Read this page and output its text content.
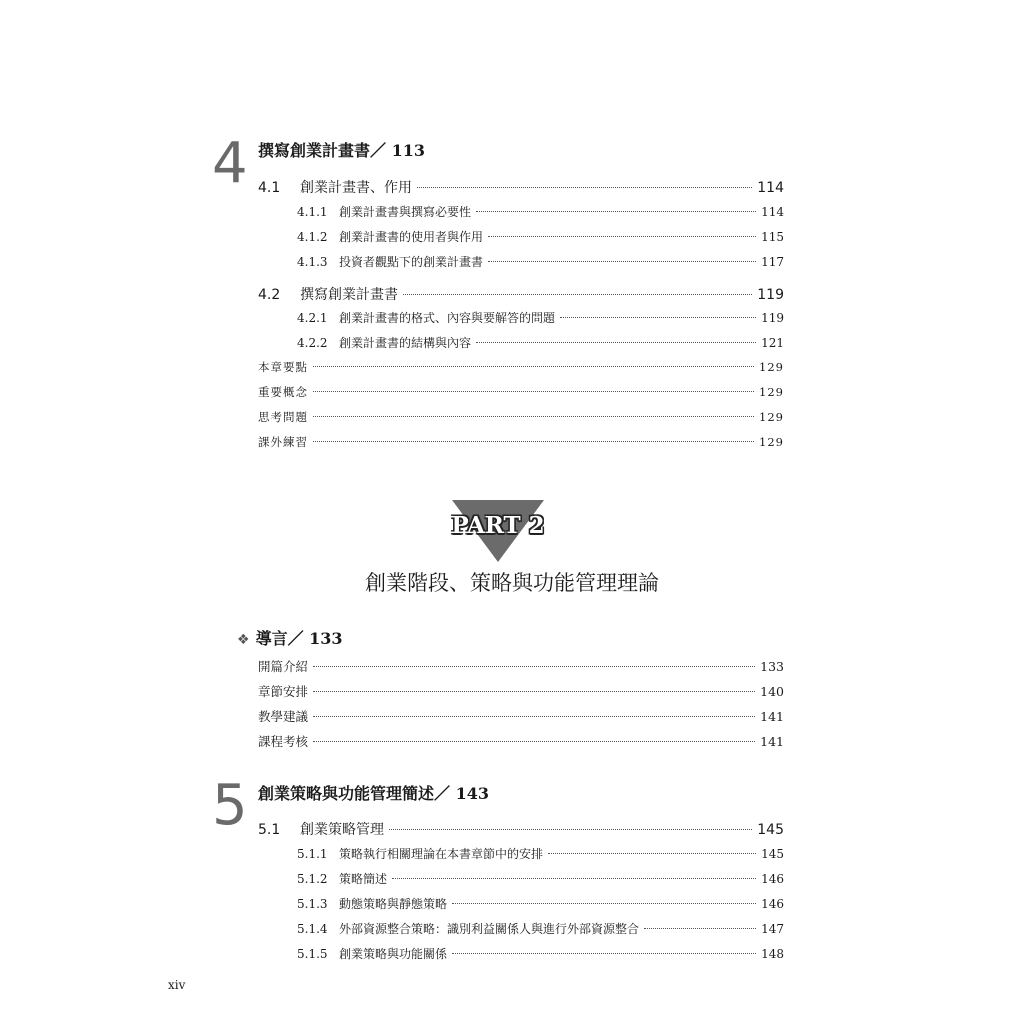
4 撰寫創業計畫書／ 113
4.1 創業計畫書、作用	114
4.1.1 創業計畫書與撰寫必要性	114
4.1.2 創業計畫書的使用者與作用	115
4.1.3 投資者觀點下的創業計畫書	117
4.2 撰寫創業計畫書	119
4.2.1 創業計畫書的格式、內容與要解答的問題	119
4.2.2 創業計畫書的結構與內容	121
本章要點	129
重要概念	129
思考問題	129
課外練習	129
PART 2
創業階段、策略與功能管理理論
❖ 導言／ 133
開篇介紹	133
章節安排	140
教學建議	141
課程考核	141
5 創業策略與功能管理簡述／ 143
5.1 創業策略管理	145
5.1.1 策略執行相關理論在本書章節中的安排	145
5.1.2 策略簡述	146
5.1.3 動態策略與靜態策略	146
5.1.4 外部資源整合策略：識別利益關係人與進行外部資源整合	147
5.1.5 創業策略與功能關係	148
xiv
